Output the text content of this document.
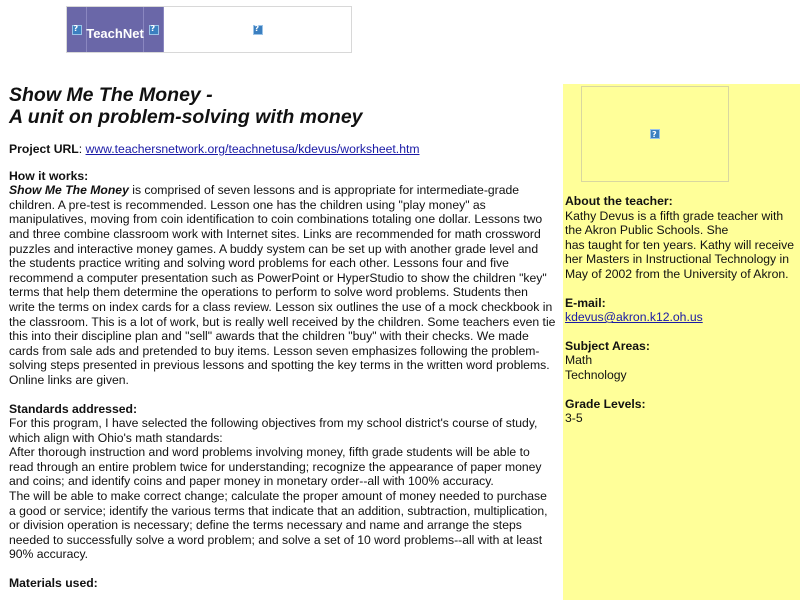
?
TeachNet
?
?
Show Me The Money -
A unit on problem-solving with money

Project URL: www.teachersnetwork.org/teachnetusa/kdevus/worksheet.htm

How it works:

Show Me The Money is comprised of seven lessons and is appropriate for intermediate-grade children. A pre-test is recommended. Lesson one has the children using "play money" as manipulatives, moving from coin identification to coin combinations totaling one dollar. Lessons two and three combine classroom work with Internet sites. Links are recommended for math crossword puzzles and interactive money games. A buddy system can be set up with another grade level and the students practice writing and solving word problems for each other. Lessons four and five recommend a computer presentation such as PowerPoint or HyperStudio to show the children "key" terms that help them determine the operations to perform to solve word problems. Students then write the terms on index cards for a class review. Lesson six outlines the use of a mock checkbook in the classroom. This is a lot of work, but is really well received by the children. Some teachers even tie this into their discipline plan and "sell" awards that the children "buy" with their checks. We made cards from sale ads and pretended to buy items. Lesson seven emphasizes following the problem-solving steps presented in previous lessons and spotting the key terms in the written word problems. Online links are given.

Standards addressed:

For this program, I have selected the following objectives from my school district's course of study, which align with Ohio's math standards:

After thorough instruction and word problems involving money, fifth grade students will be able to read through an entire problem twice for understanding; recognize the appearance of paper money and coins; and identify coins and paper money in monetary order--all with 100% accuracy.

The will be able to make correct change; calculate the proper amount of money needed to purchase a good or service; identify the various terms that indicate that an addition, subtraction, multiplication, or division operation is necessary; define the terms necessary and name and arrange the steps needed to successfully solve a word problem; and solve a set of 10 word problems--all with at least 90% accuracy.

Materials used:
?
About the teacher:
Kathy Devus is a fifth grade teacher with the Akron Public Schools. She
has taught for ten years. Kathy will receive her Masters in Instructional Technology in May of 2002 from the University of Akron.
E-mail:
kdevus@akron.k12.oh.us
Subject Areas:
Math
Technology
Grade Levels:
3-5
